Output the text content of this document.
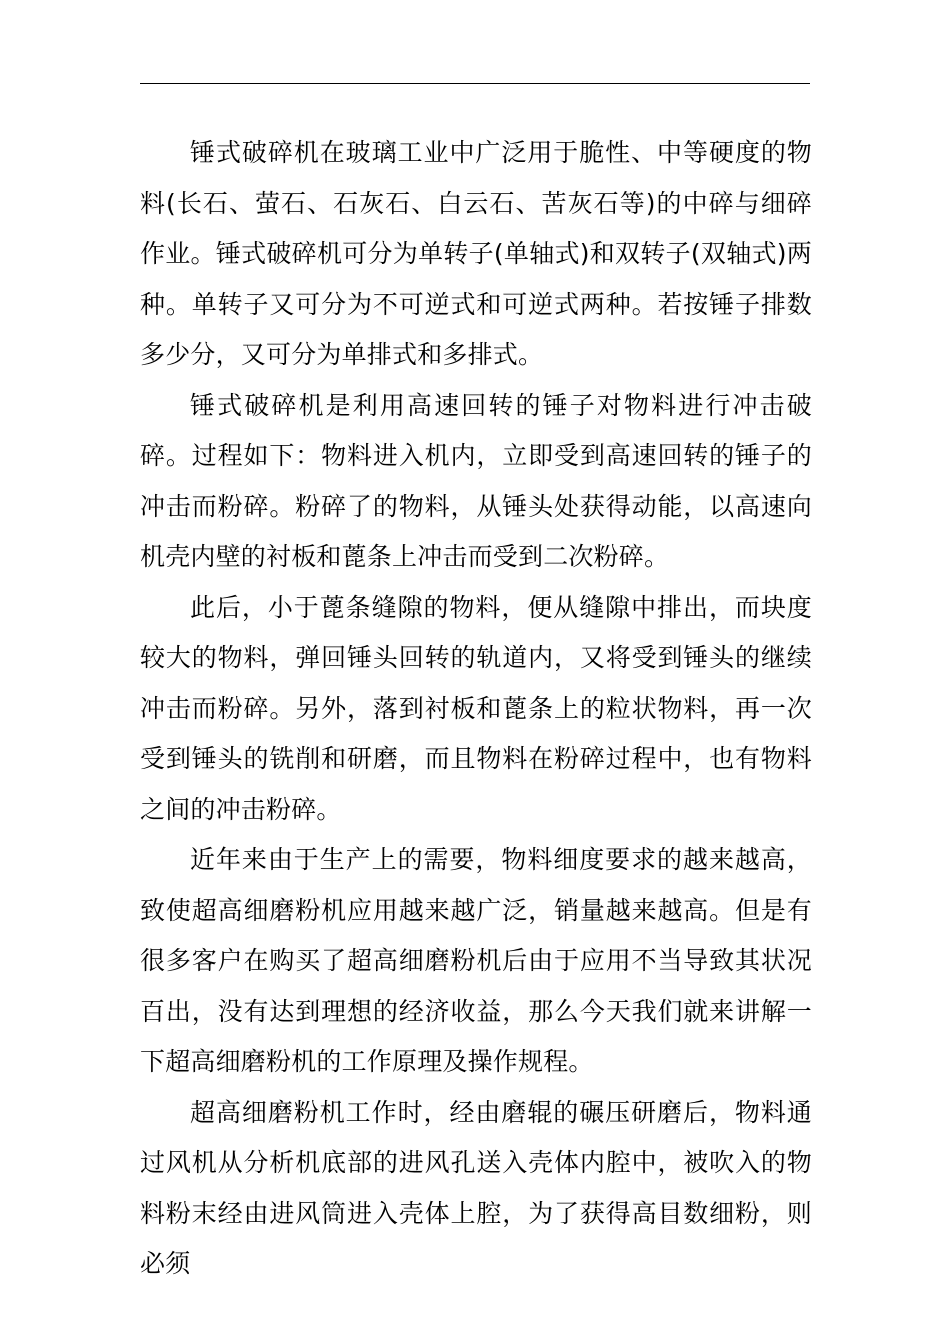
锤式破碎机在玻璃工业中广泛用于脆性、中等硬度的物料(长石、萤石、石灰石、白云石、苦灰石等)的中碎与细碎作业。锤式破碎机可分为单转子(单轴式)和双转子(双轴式)两种。单转子又可分为不可逆式和可逆式两种。若按锤子排数多少分，又可分为单排式和多排式。

锤式破碎机是利用高速回转的锤子对物料进行冲击破碎。过程如下：物料进入机内，立即受到高速回转的锤子的冲击而粉碎。粉碎了的物料，从锤头处获得动能，以高速向机壳内壁的衬板和蓖条上冲击而受到二次粉碎。

此后，小于蓖条缝隙的物料，便从缝隙中排出，而块度较大的物料，弹回锤头回转的轨道内，又将受到锤头的继续冲击而粉碎。另外，落到衬板和蓖条上的粒状物料，再一次受到锤头的铣削和研磨，而且物料在粉碎过程中，也有物料之间的冲击粉碎。

近年来由于生产上的需要，物料细度要求的越来越高，致使超高细磨粉机应用越来越广泛，销量越来越高。但是有很多客户在购买了超高细磨粉机后由于应用不当导致其状况百出，没有达到理想的经济收益，那么今天我们就来讲解一下超高细磨粉机的工作原理及操作规程。

超高细磨粉机工作时，经由磨辊的碾压研磨后，物料通过风机从分析机底部的进风孔送入壳体内腔中，被吹入的物料粉末经由进风筒进入壳体上腔，为了获得高目数细粉，则必须
